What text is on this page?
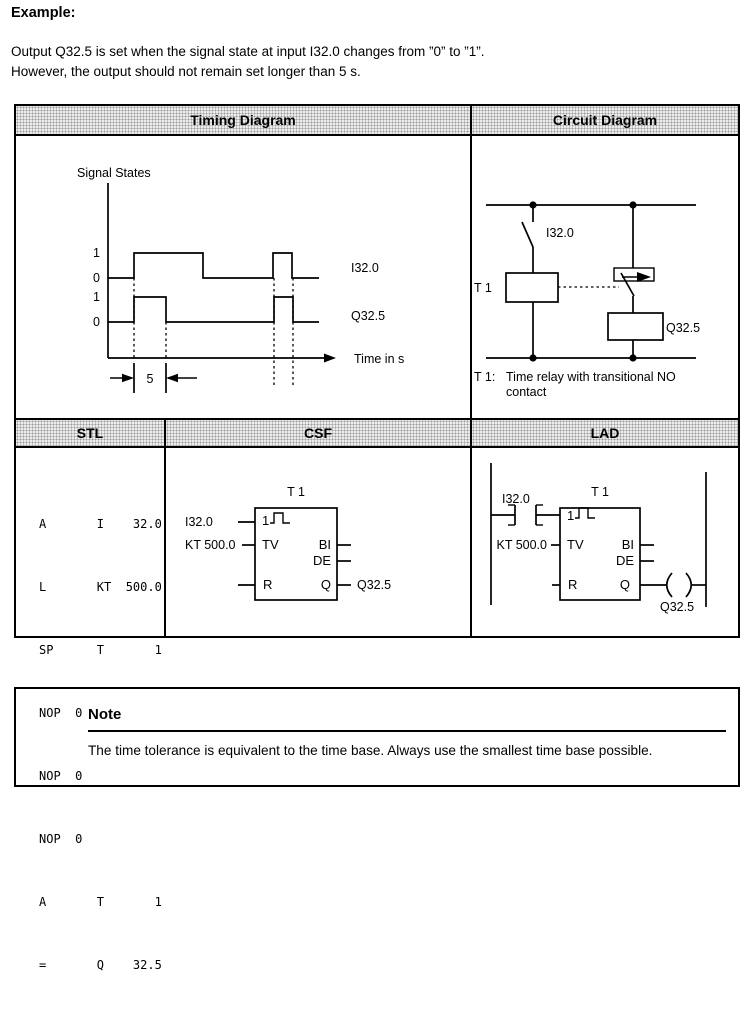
Example:
Output Q32.5 is set when the signal state at input I32.0 changes from ”0” to ”1”.
However, the output should not remain set longer than 5 s.
Timing Diagram	Circuit Diagram
Signal States
Time in s
1
0
1
0
I32.0
Q32.5
5
I32.0
T 1
Q32.5
T 1: Time relay with transitional NO
contact
STL	CSF	LAD

A       I    32.0

L       KT  500.0

SP      T       1

NOP  0

NOP  0

NOP  0

A       T       1

=       Q    32.5

T 1
1
I32.0
KT 500.0 TV
R
BI
DE
Q Q32.5
I32.0	T 1
1
KT 500.0 TV
R
BI
DE
Q
Q32.5
Note
The time tolerance is equivalent to the time base. Always use the smallest time base possible.
